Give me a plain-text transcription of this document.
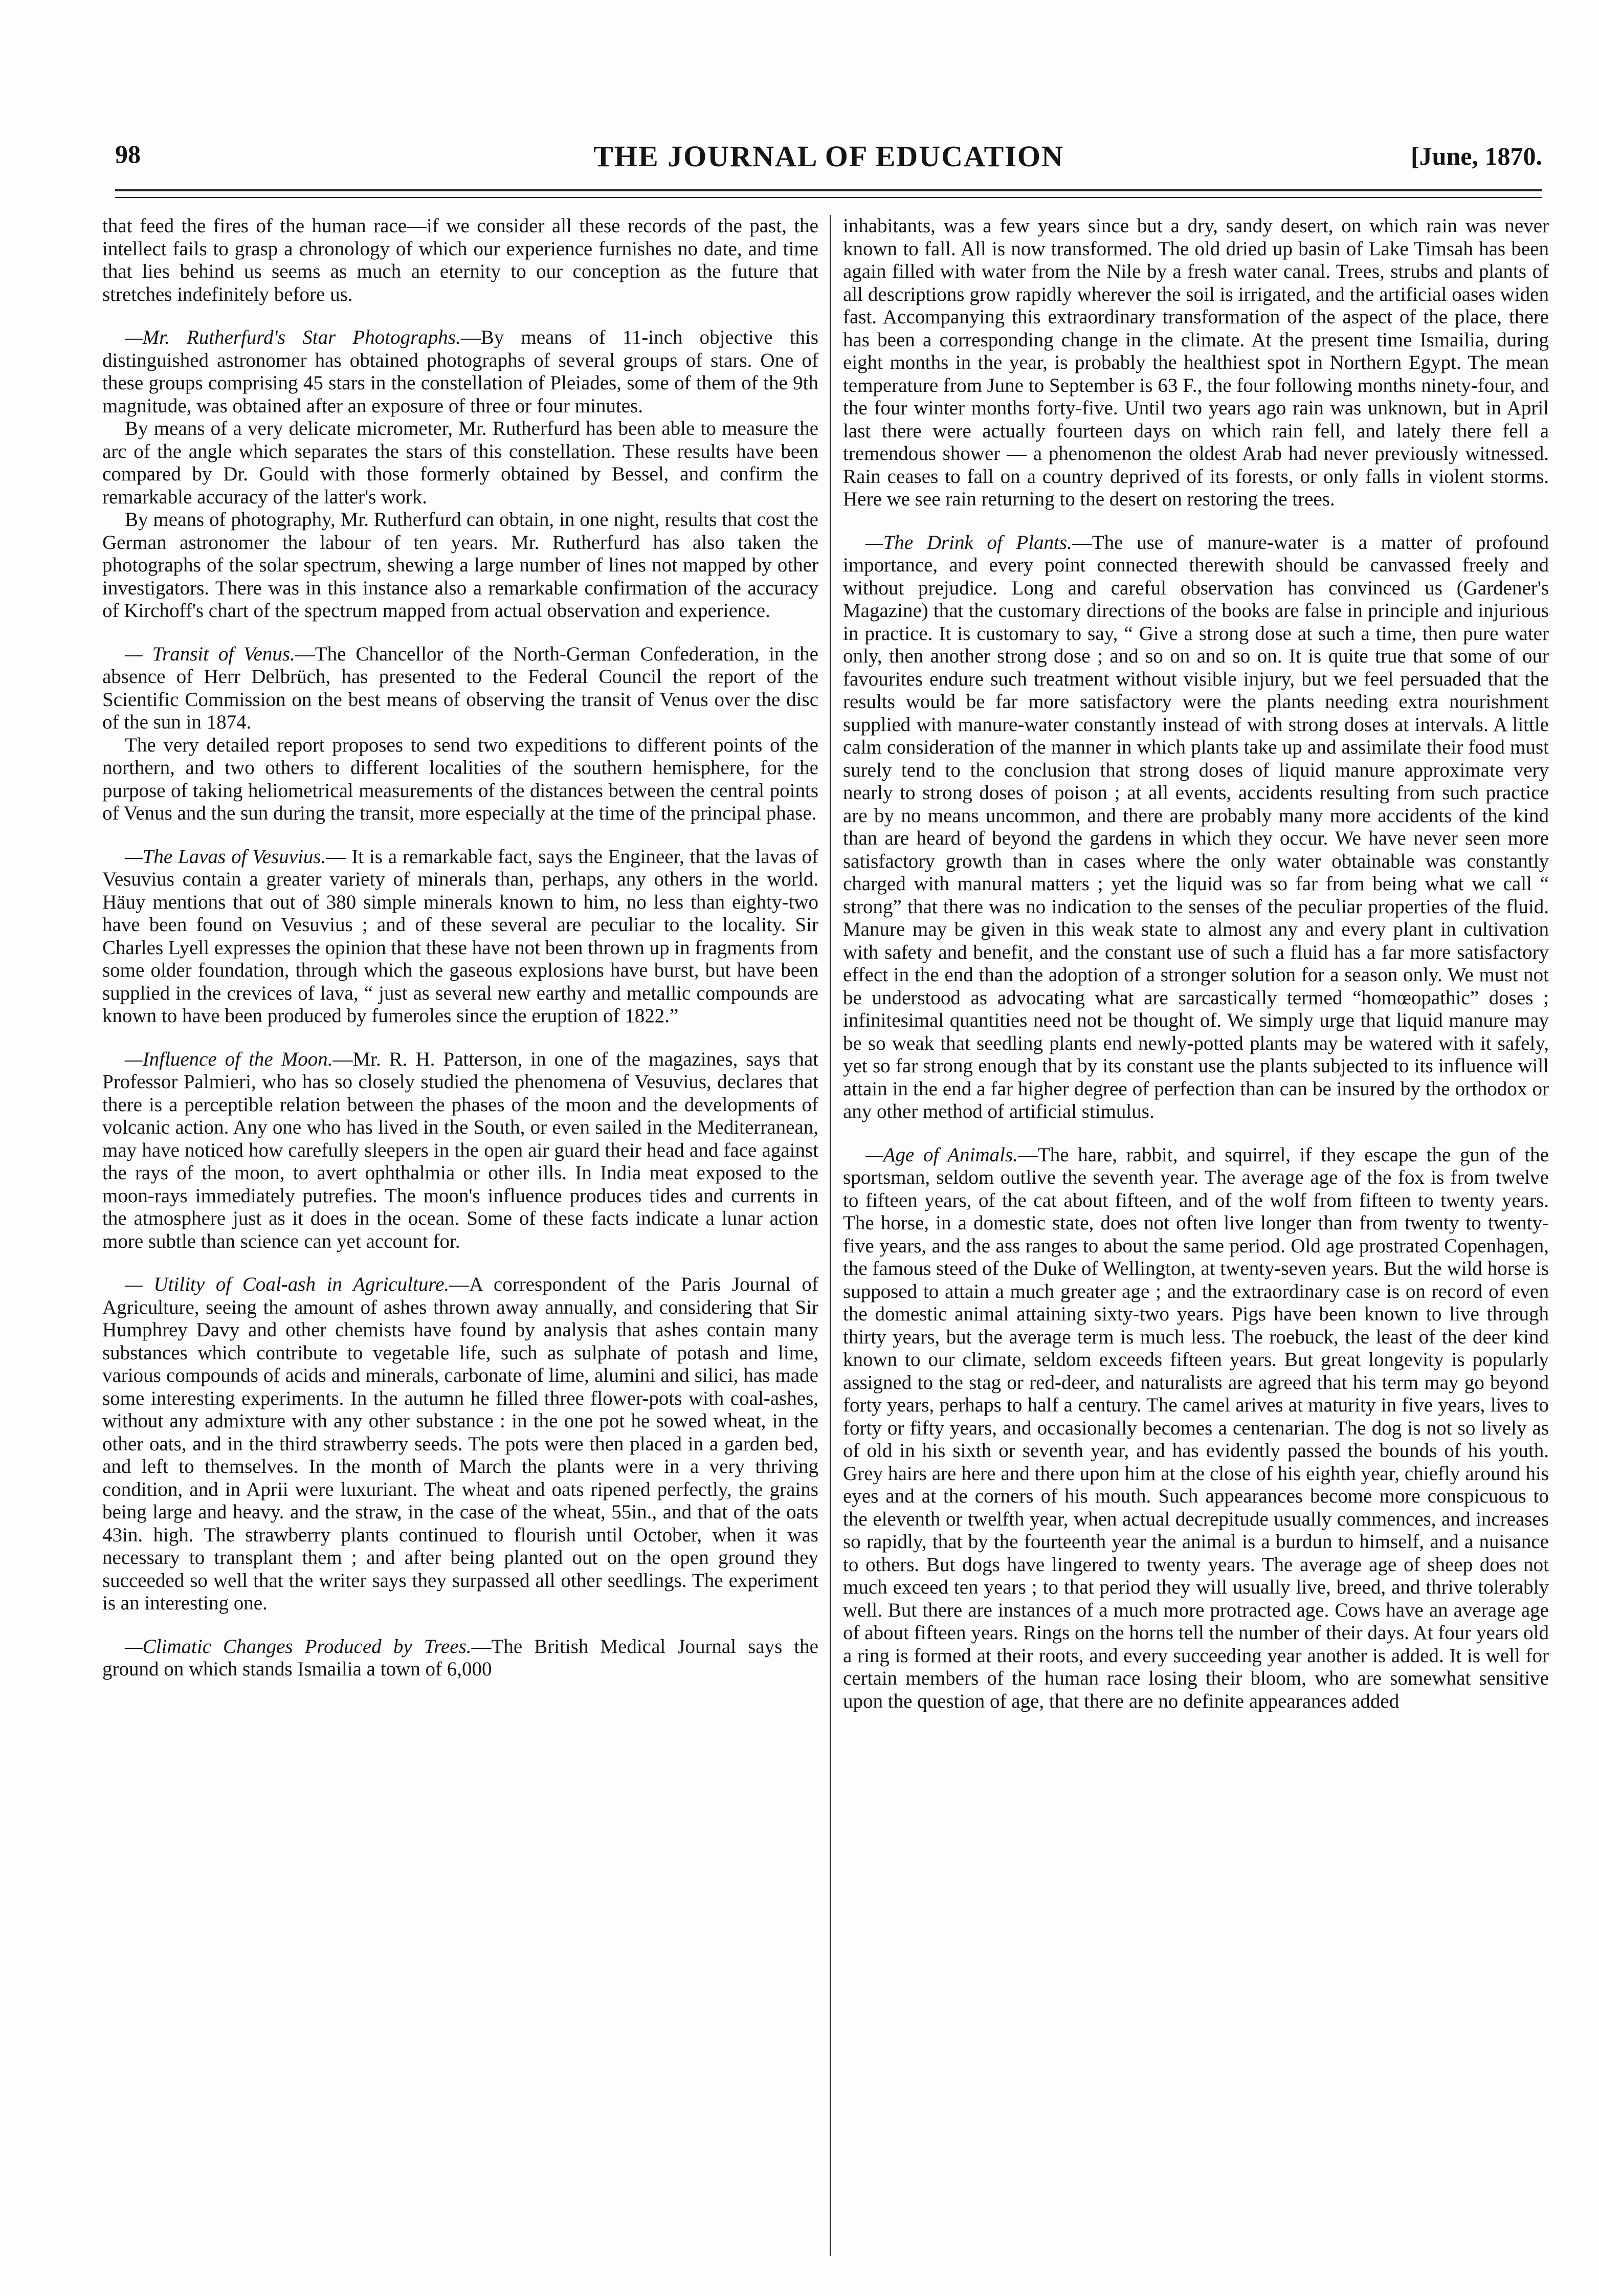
98	THE JOURNAL OF EDUCATION	[June, 1870.

that feed the fires of the human race—if we consider all these records of the past, the intellect fails to grasp a chronology of which our experience furnishes no date, and time that lies behind us seems as much an eternity to our conception as the future that stretches indefinitely before us.

—Mr. Rutherfurd's Star Photographs.—By means of 11-inch objective this distinguished astronomer has obtained photographs of several groups of stars. One of these groups comprising 45 stars in the constellation of Pleiades, some of them of the 9th magnitude, was obtained after an exposure of three or four minutes.

By means of a very delicate micrometer, Mr. Rutherfurd has been able to measure the arc of the angle which separates the stars of this constellation. These results have been compared by Dr. Gould with those formerly obtained by Bessel, and confirm the remarkable accuracy of the latter's work.

By means of photography, Mr. Rutherfurd can obtain, in one night, results that cost the German astronomer the labour of ten years. Mr. Rutherfurd has also taken the photographs of the solar spectrum, shewing a large number of lines not mapped by other investigators. There was in this instance also a remarkable confirmation of the accuracy of Kirchoff's chart of the spectrum mapped from actual observation and experience.

— Transit of Venus.—The Chancellor of the North-German Confederation, in the absence of Herr Delbrüch, has presented to the Federal Council the report of the Scientific Commission on the best means of observing the transit of Venus over the disc of the sun in 1874.

The very detailed report proposes to send two expeditions to different points of the northern, and two others to different localities of the southern hemisphere, for the purpose of taking heliometrical measurements of the distances between the central points of Venus and the sun during the transit, more especially at the time of the principal phase.

—The Lavas of Vesuvius.— It is a remarkable fact, says the Engineer, that the lavas of Vesuvius contain a greater variety of minerals than, perhaps, any others in the world. Häuy mentions that out of 380 simple minerals known to him, no less than eighty-two have been found on Vesuvius ; and of these several are peculiar to the locality. Sir Charles Lyell expresses the opinion that these have not been thrown up in fragments from some older foundation, through which the gaseous explosions have burst, but have been supplied in the crevices of lava, “ just as several new earthy and metallic compounds are known to have been produced by fumeroles since the eruption of 1822.”

—Influence of the Moon.—Mr. R. H. Patterson, in one of the magazines, says that Professor Palmieri, who has so closely studied the phenomena of Vesuvius, declares that there is a perceptible relation between the phases of the moon and the developments of volcanic action. Any one who has lived in the South, or even sailed in the Mediterranean, may have noticed how carefully sleepers in the open air guard their head and face against the rays of the moon, to avert ophthalmia or other ills. In India meat exposed to the moon-rays immediately putrefies. The moon's influence produces tides and currents in the atmosphere just as it does in the ocean. Some of these facts indicate a lunar action more subtle than science can yet account for.

— Utility of Coal-ash in Agriculture.—A correspondent of the Paris Journal of Agriculture, seeing the amount of ashes thrown away annually, and considering that Sir Humphrey Davy and other chemists have found by analysis that ashes contain many substances which contribute to vegetable life, such as sulphate of potash and lime, various compounds of acids and minerals, carbonate of lime, alumini and silici, has made some interesting experiments. In the autumn he filled three flower-pots with coal-ashes, without any admixture with any other substance : in the one pot he sowed wheat, in the other oats, and in the third strawberry seeds. The pots were then placed in a garden bed, and left to themselves. In the month of March the plants were in a very thriving condition, and in Aprii were luxuriant. The wheat and oats ripened perfectly, the grains being large and heavy. and the straw, in the case of the wheat, 55in., and that of the oats 43in. high. The strawberry plants continued to flourish until October, when it was necessary to transplant them ; and after being planted out on the open ground they succeeded so well that the writer says they surpassed all other seedlings. The experiment is an interesting one.

—Climatic Changes Produced by Trees.—The British Medical Journal says the ground on which stands Ismailia a town of 6,000

inhabitants, was a few years since but a dry, sandy desert, on which rain was never known to fall. All is now transformed. The old dried up basin of Lake Timsah has been again filled with water from the Nile by a fresh water canal. Trees, strubs and plants of all descriptions grow rapidly wherever the soil is irrigated, and the artificial oases widen fast. Accompanying this extraordinary transformation of the aspect of the place, there has been a corresponding change in the climate. At the present time Ismailia, during eight months in the year, is probably the healthiest spot in Northern Egypt. The mean temperature from June to September is 63 F., the four following months ninety-four, and the four winter months forty-five. Until two years ago rain was unknown, but in April last there were actually fourteen days on which rain fell, and lately there fell a tremendous shower — a phenomenon the oldest Arab had never previously witnessed. Rain ceases to fall on a country deprived of its forests, or only falls in violent storms. Here we see rain returning to the desert on restoring the trees.

—The Drink of Plants.—The use of manure-water is a matter of profound importance, and every point connected therewith should be canvassed freely and without prejudice. Long and careful observation has convinced us (Gardener's Magazine) that the customary directions of the books are false in principle and injurious in practice. It is customary to say, “ Give a strong dose at such a time, then pure water only, then another strong dose ; and so on and so on. It is quite true that some of our favourites endure such treatment without visible injury, but we feel persuaded that the results would be far more satisfactory were the plants needing extra nourishment supplied with manure-water constantly instead of with strong doses at intervals. A little calm consideration of the manner in which plants take up and assimilate their food must surely tend to the conclusion that strong doses of liquid manure approximate very nearly to strong doses of poison ; at all events, accidents resulting from such practice are by no means uncommon, and there are probably many more accidents of the kind than are heard of beyond the gardens in which they occur. We have never seen more satisfactory growth than in cases where the only water obtainable was constantly charged with manural matters ; yet the liquid was so far from being what we call “ strong” that there was no indication to the senses of the peculiar properties of the fluid. Manure may be given in this weak state to almost any and every plant in cultivation with safety and benefit, and the constant use of such a fluid has a far more satisfactory effect in the end than the adoption of a stronger solution for a season only. We must not be understood as advocating what are sarcastically termed “homœopathic” doses ; infinitesimal quantities need not be thought of. We simply urge that liquid manure may be so weak that seedling plants end newly-potted plants may be watered with it safely, yet so far strong enough that by its constant use the plants subjected to its influence will attain in the end a far higher degree of perfection than can be insured by the orthodox or any other method of artificial stimulus.

—Age of Animals.—The hare, rabbit, and squirrel, if they escape the gun of the sportsman, seldom outlive the seventh year. The average age of the fox is from twelve to fifteen years, of the cat about fifteen, and of the wolf from fifteen to twenty years. The horse, in a domestic state, does not often live longer than from twenty to twenty-five years, and the ass ranges to about the same period. Old age prostrated Copenhagen, the famous steed of the Duke of Wellington, at twenty-seven years. But the wild horse is supposed to attain a much greater age ; and the extraordinary case is on record of even the domestic animal attaining sixty-two years. Pigs have been known to live through thirty years, but the average term is much less. The roebuck, the least of the deer kind known to our climate, seldom exceeds fifteen years. But great longevity is popularly assigned to the stag or red-deer, and naturalists are agreed that his term may go beyond forty years, perhaps to half a century. The camel arives at maturity in five years, lives to forty or fifty years, and occasionally becomes a centenarian. The dog is not so lively as of old in his sixth or seventh year, and has evidently passed the bounds of his youth. Grey hairs are here and there upon him at the close of his eighth year, chiefly around his eyes and at the corners of his mouth. Such appearances become more conspicuous to the eleventh or twelfth year, when actual decrepitude usually commences, and increases so rapidly, that by the fourteenth year the animal is a burdun to himself, and a nuisance to others. But dogs have lingered to twenty years. The average age of sheep does not much exceed ten years ; to that period they will usually live, breed, and thrive tolerably well. But there are instances of a much more protracted age. Cows have an average age of about fifteen years. Rings on the horns tell the number of their days. At four years old a ring is formed at their roots, and every succeeding year another is added. It is well for certain members of the human race losing their bloom, who are somewhat sensitive upon the question of age, that there are no definite appearances added
